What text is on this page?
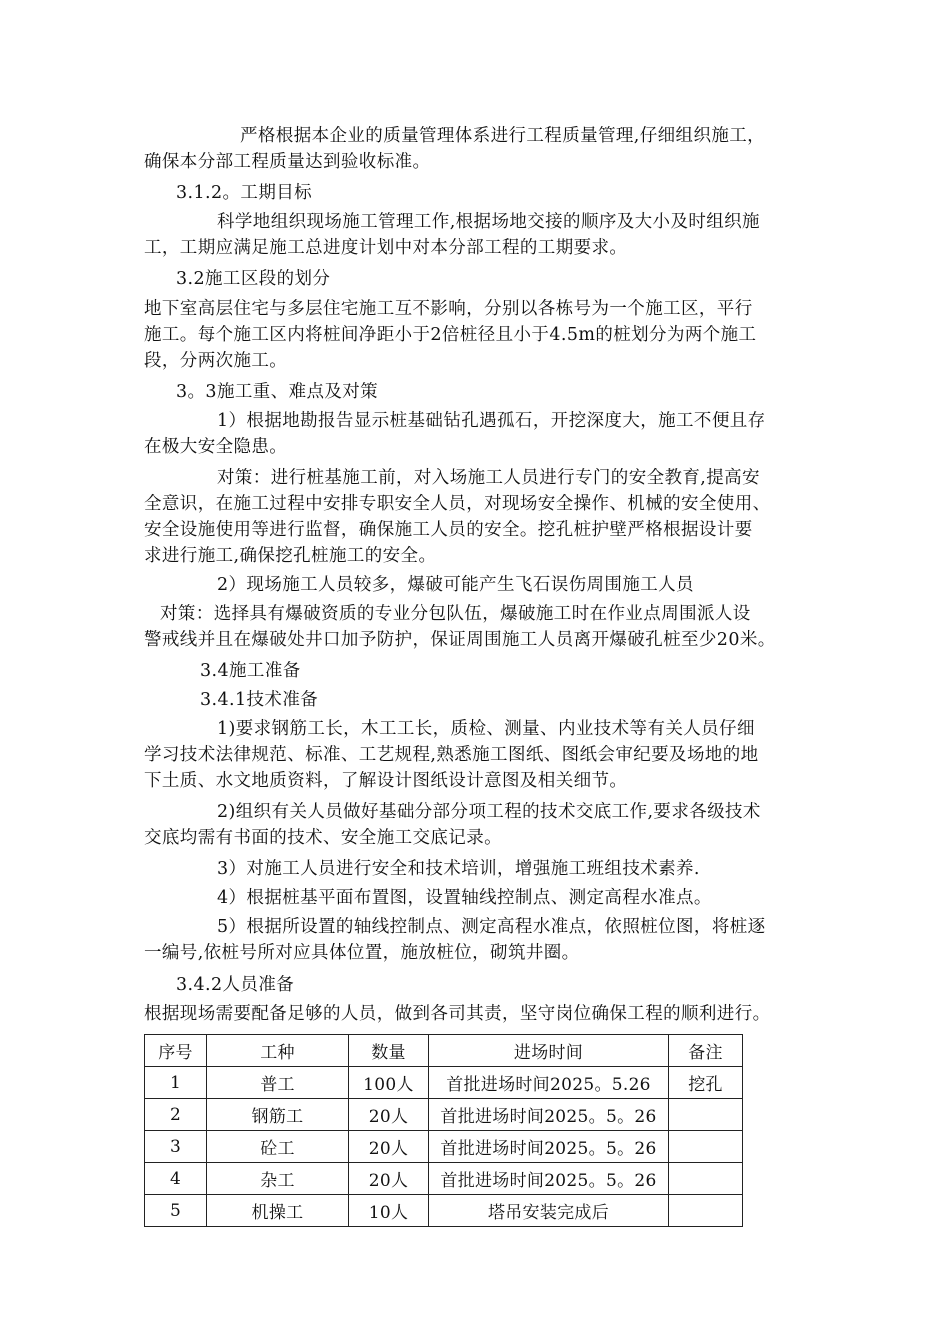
严格根据本企业的质量管理体系进行工程质量管理,仔细组织施工，
确保本分部工程质量达到验收标准。
3.1.2。工期目标
科学地组织现场施工管理工作,根据场地交接的顺序及大小及时组织施
工，工期应满足施工总进度计划中对本分部工程的工期要求。
3.2施工区段的划分
地下室高层住宅与多层住宅施工互不影响，分别以各栋号为一个施工区，平行
施工。每个施工区内将桩间净距小于2倍桩径且小于4.5m的桩划分为两个施工
段，分两次施工。
3。3施工重、难点及对策
1）根据地勘报告显示桩基础钻孔遇孤石，开挖深度大，施工不便且存
在极大安全隐患。
对策：进行桩基施工前，对入场施工人员进行专门的安全教育,提高安
全意识，在施工过程中安排专职安全人员，对现场安全操作、机械的安全使用、
安全设施使用等进行监督，确保施工人员的安全。挖孔桩护壁严格根据设计要
求进行施工,确保挖孔桩施工的安全。
2）现场施工人员较多，爆破可能产生飞石误伤周围施工人员
对策：选择具有爆破资质的专业分包队伍，爆破施工时在作业点周围派人设
警戒线并且在爆破处井口加予防护，保证周围施工人员离开爆破孔桩至少20米。
3.4施工准备
3.4.1技术准备
1)要求钢筋工长，木工工长，质检、测量、内业技术等有关人员仔细
学习技术法律规范、标准、工艺规程,熟悉施工图纸、图纸会审纪要及场地的地
下土质、水文地质资料，了解设计图纸设计意图及相关细节。
2)组织有关人员做好基础分部分项工程的技术交底工作,要求各级技术
交底均需有书面的技术、安全施工交底记录。
3）对施工人员进行安全和技术培训，增强施工班组技术素养.
4）根据桩基平面布置图，设置轴线控制点、测定高程水准点。
5）根据所设置的轴线控制点、测定高程水准点，依照桩位图，将桩逐
一编号,依桩号所对应具体位置，施放桩位，砌筑井圈。
3.4.2人员准备
根据现场需要配备足够的人员，做到各司其责，坚守岗位确保工程的顺利进行。
序号	工种	数量	进场时间	备注
1	普工	100人	首批进场时间2025。5.26	挖孔
2	钢筋工	20人	首批进场时间2025。5。26	
3	砼工	20人	首批进场时间2025。5。26	
4	杂工	20人	首批进场时间2025。5。26	
5	机操工	10人	塔吊安装完成后	
